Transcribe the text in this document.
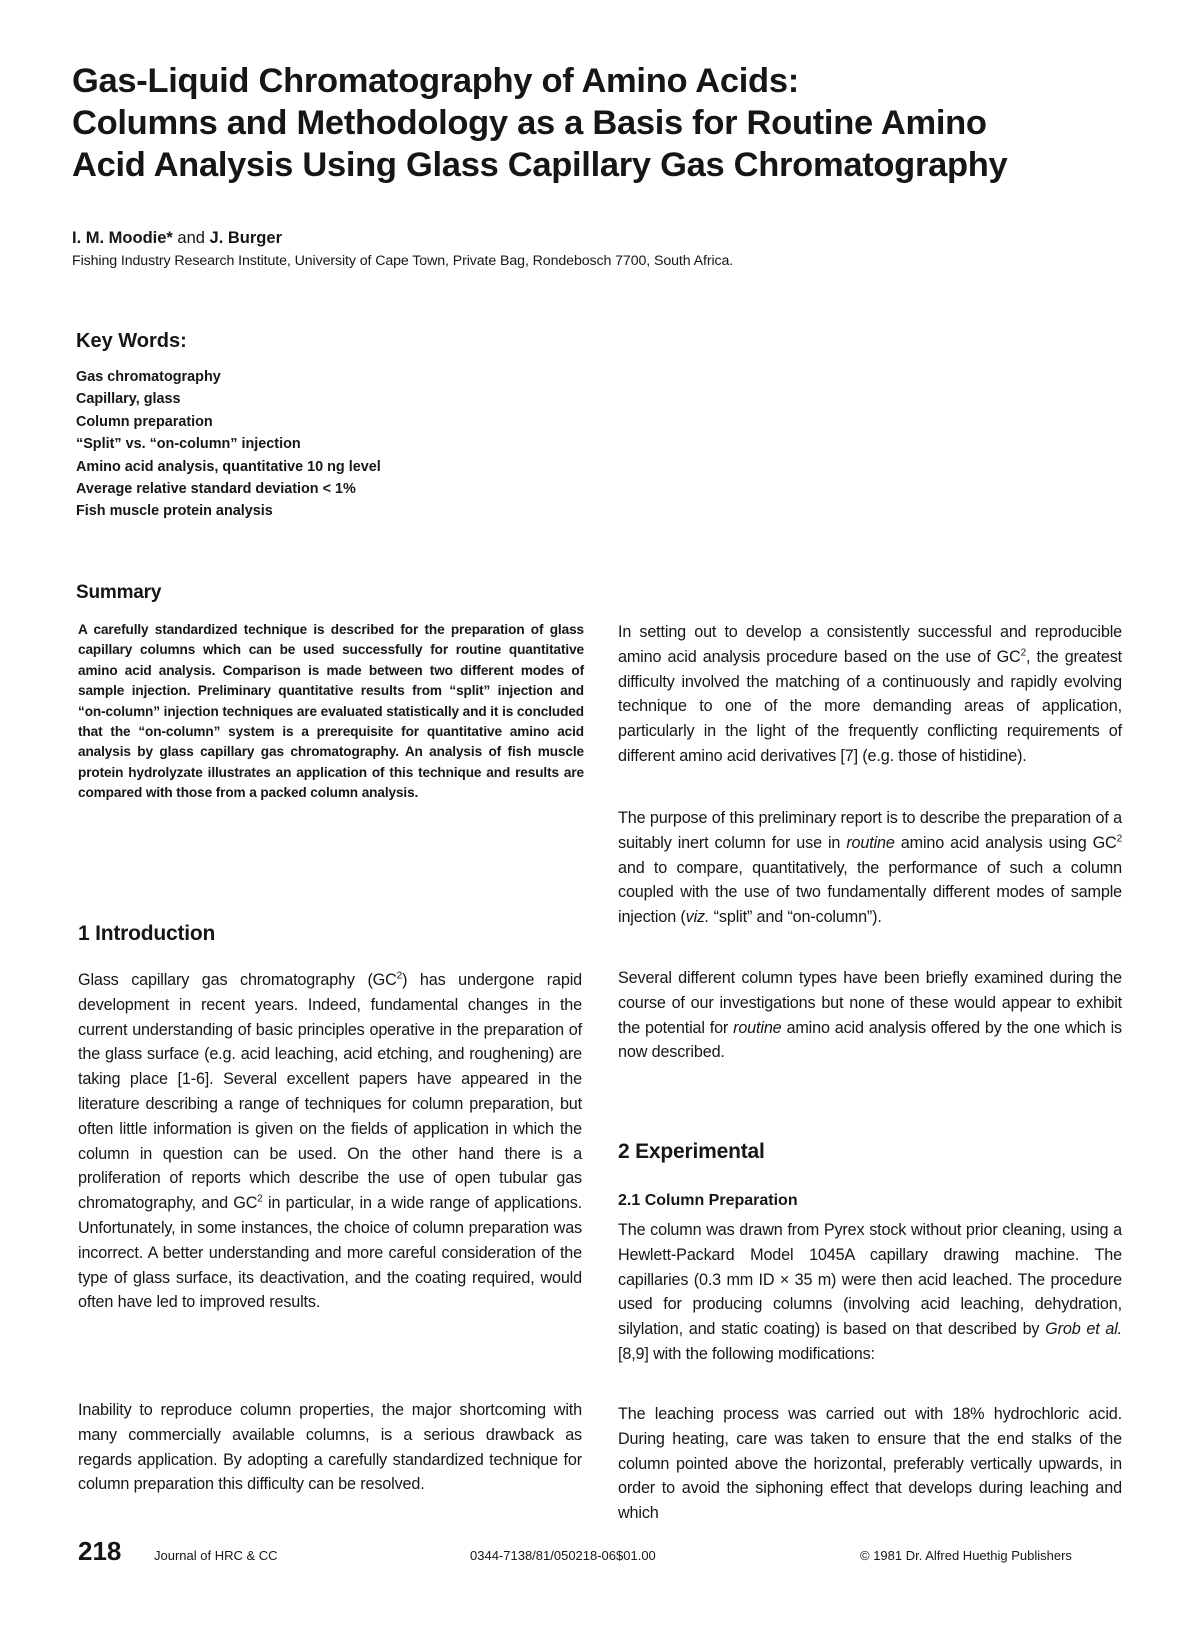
Gas-Liquid Chromatography of Amino Acids:
Columns and Methodology as a Basis for Routine Amino
Acid Analysis Using Glass Capillary Gas Chromatography
I. M. Moodie* and J. Burger
Fishing Industry Research Institute, University of Cape Town, Private Bag, Rondebosch 7700, South Africa.
Key Words:
Gas chromatography
Capillary, glass
Column preparation
“Split” vs. “on-column” injection
Amino acid analysis, quantitative 10 ng level
Average relative standard deviation < 1%
Fish muscle protein analysis
Summary

A carefully standardized technique is described for the preparation of glass capillary columns which can be used successfully for routine quantitative amino acid analysis. Comparison is made between two different modes of sample injection. Preliminary quantitative results from “split” injection and “on-column” injection techniques are evaluated statistically and it is concluded that the “on-column” system is a prerequisite for quantitative amino acid analysis by glass capillary gas chromatography. An analysis of fish muscle protein hydrolyzate illustrates an application of this technique and results are compared with those from a packed column analysis.

1 Introduction

Glass capillary gas chromatography $(GC^2)$ has undergone rapid development in recent years. Indeed, fundamental changes in the current understanding of basic principles operative in the preparation of the glass surface (e.g. acid leaching, acid etching, and roughening) are taking place [1-6]. Several excellent papers have appeared in the literature describing a range of techniques for column preparation, but often little information is given on the fields of application in which the column in question can be used. On the other hand there is a proliferation of reports which describe the use of open tubular gas chromatography, and $GC^2$ in particular, in a wide range of applications. Unfortunately, in some instances, the choice of column preparation was incorrect. A better understanding and more careful consideration of the type of glass surface, its deactivation, and the coating required, would often have led to improved results.

Inability to reproduce column properties, the major shortcoming with many commercially available columns, is a serious drawback as regards application. By adopting a carefully standardized technique for column preparation this difficulty can be resolved.

In setting out to develop a consistently successful and reproducible amino acid analysis procedure based on the use of $GC^2$, the greatest difficulty involved the matching of a continuously and rapidly evolving technique to one of the more demanding areas of application, particularly in the light of the frequently conflicting requirements of different amino acid derivatives [7] (e.g. those of histidine).

The purpose of this preliminary report is to describe the preparation of a suitably inert column for use in routine amino acid analysis using $GC^2$ and to compare, quantitatively, the performance of such a column coupled with the use of two fundamentally different modes of sample injection (viz. “split” and “on-column”).

Several different column types have been briefly examined during the course of our investigations but none of these would appear to exhibit the potential for routine amino acid analysis offered by the one which is now described.

2 Experimental
2.1 Column Preparation

The column was drawn from Pyrex stock without prior cleaning, using a Hewlett-Packard Model 1045A capillary drawing machine. The capillaries (0.3 mm ID × 35 m) were then acid leached. The procedure used for producing columns (involving acid leaching, dehydration, silylation, and static coating) is based on that described by Grob et al. [8,9] with the following modifications:

The leaching process was carried out with 18% hydrochloric acid. During heating, care was taken to ensure that the end stalks of the column pointed above the horizontal, preferably vertically upwards, in order to avoid the siphoning effect that develops during leaching and which

218	Journal of HRC & CC	0344-7138/81/050218-06$01.00	© 1981 Dr. Alfred Huethig Publishers
